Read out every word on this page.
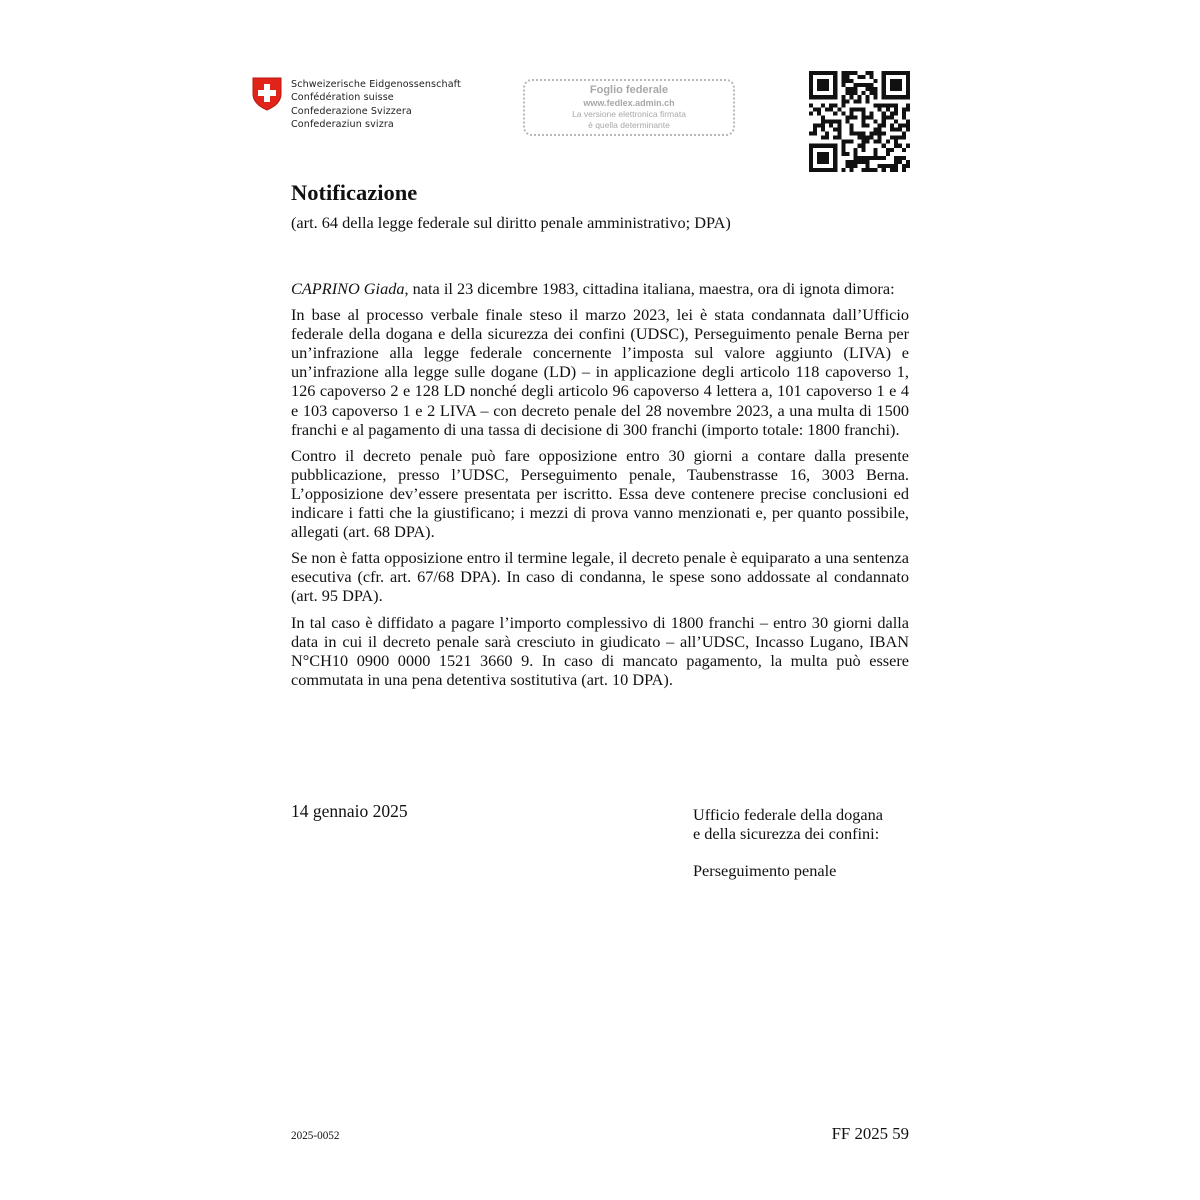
Schweizerische Eidgenossenschaft
Confédération suisse
Confederazione Svizzera
Confederaziun svizra
Foglio federale
www.fedlex.admin.ch
La versione elettronica firmata
è quella determinante
Notificazione
(art. 64 della legge federale sul diritto penale amministrativo; DPA)

CAPRINO Giada, nata il 23 dicembre 1983, cittadina italiana, maestra, ora di ignota dimora:

In base al processo verbale finale steso il marzo 2023, lei è stata condannata dall’Ufficio federale della dogana e della sicurezza dei confini (UDSC), Perseguimento penale Berna per un’infrazione alla legge federale concernente l’imposta sul valore aggiunto (LIVA) e un’infrazione alla legge sulle dogane (LD) – in applicazione degli articolo 118 capoverso 1, 126 capoverso 2 e 128 LD nonché degli articolo 96 capoverso 4 lettera a, 101 capoverso 1 e 4 e 103 capoverso 1 e 2 LIVA – con decreto penale del 28 novembre 2023, a una multa di 1500 franchi e al pagamento di una tassa di decisione di 300 franchi (importo totale: 1800 franchi).

Contro il decreto penale può fare opposizione entro 30 giorni a contare dalla presente pubblicazione, presso l’UDSC, Perseguimento penale, Taubenstrasse 16, 3003 Berna. L’opposizione dev’essere presentata per iscritto. Essa deve contenere precise conclusioni ed indicare i fatti che la giustificano; i mezzi di prova vanno menzionati e, per quanto possibile, allegati (art. 68 DPA).

Se non è fatta opposizione entro il termine legale, il decreto penale è equiparato a una sentenza esecutiva (cfr. art. 67/68 DPA). In caso di condanna, le spese sono addossate al condannato (art. 95 DPA).

In tal caso è diffidato a pagare l’importo complessivo di 1800 franchi – entro 30 giorni dalla data in cui il decreto penale sarà cresciuto in giudicato – all’UDSC, Incasso Lugano, IBAN N°CH10 0900 0000 1521 3660 9. In caso di mancato pagamento, la multa può essere commutata in una pena detentiva sostitutiva (art. 10 DPA).

14 gennaio 2025	Ufficio federale della dogana
e della sicurezza dei confini:
Perseguimento penale
2025-0052	FF 2025 59
